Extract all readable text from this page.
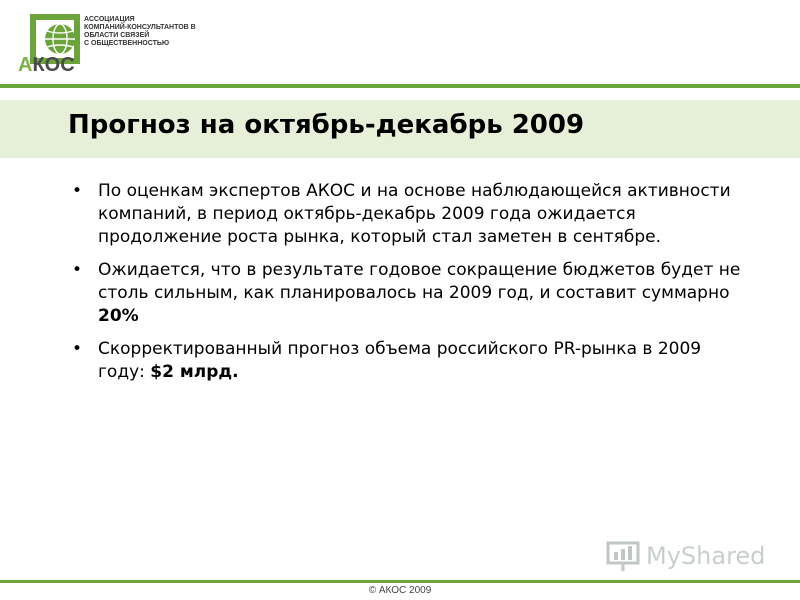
АССОЦИАЦИЯ
КОМПАНИЙ-КОНСУЛЬТАНТОВ В
ОБЛАСТИ СВЯЗЕЙ
С ОБЩЕСТВЕННОСТЬЮ
АКОС
Прогноз на октябрь-декабрь 2009
• По оценкам экспертов АКОС и на основе наблюдающейся активности компаний, в период октябрь-декабрь 2009 года ожидается продолжение роста рынка, который стал заметен в сентябре.
• Ожидается, что в результате годовое сокращение бюджетов будет не столь сильным, как планировалось на 2009 год, и составит суммарно 20%
• Скорректированный прогноз объема российского PR-рынка в 2009 году: $2 млрд.
MyShared
© АКОС 2009
